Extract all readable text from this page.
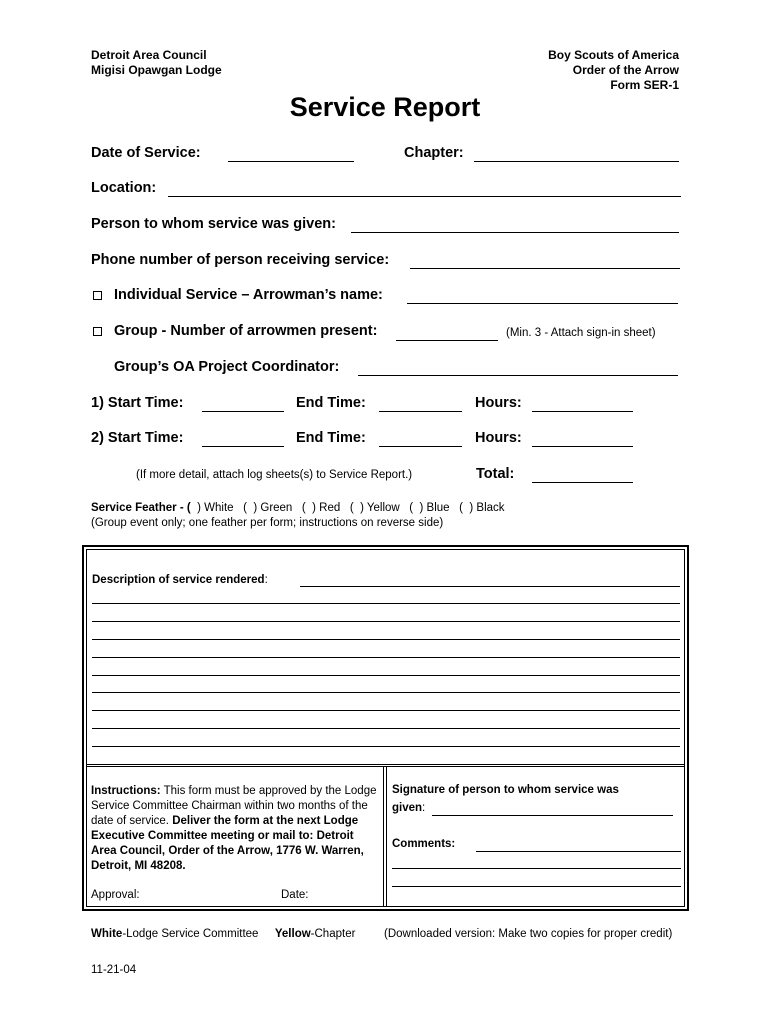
Detroit Area Council
Migisi Opawgan Lodge
Boy Scouts of America
Order of the Arrow
Form SER-1
Service Report
Date of Service:	Chapter:
Location:
Person to whom service was given:
Phone number of person receiving service:
Individual Service – Arrowman’s name:
Group - Number of arrowmen present:	(Min. 3 - Attach sign-in sheet)
Group’s OA Project Coordinator:
1) Start Time:	End Time:	Hours:
2) Start Time:	End Time:	Hours:
(If more detail, attach log sheets(s) to Service Report.)	Total:
Service Feather - (  ) White   (  ) Green   (  ) Red   (  ) Yellow   (  ) Blue   (  ) Black
(Group event only; one feather per form; instructions on reverse side)
Description of service rendered:
Instructions: This form must be approved by the Lodge Service Committee Chairman within two months of the date of service. Deliver the form at the next Lodge Executive Committee meeting or mail to: Detroit Area Council, Order of the Arrow, 1776 W. Warren, Detroit, MI 48208.
Approval:	Date:
Signature of person to whom service was
given:
Comments:
White-Lodge Service Committee Yellow-Chapter (Downloaded version: Make two copies for proper credit)
11-21-04
